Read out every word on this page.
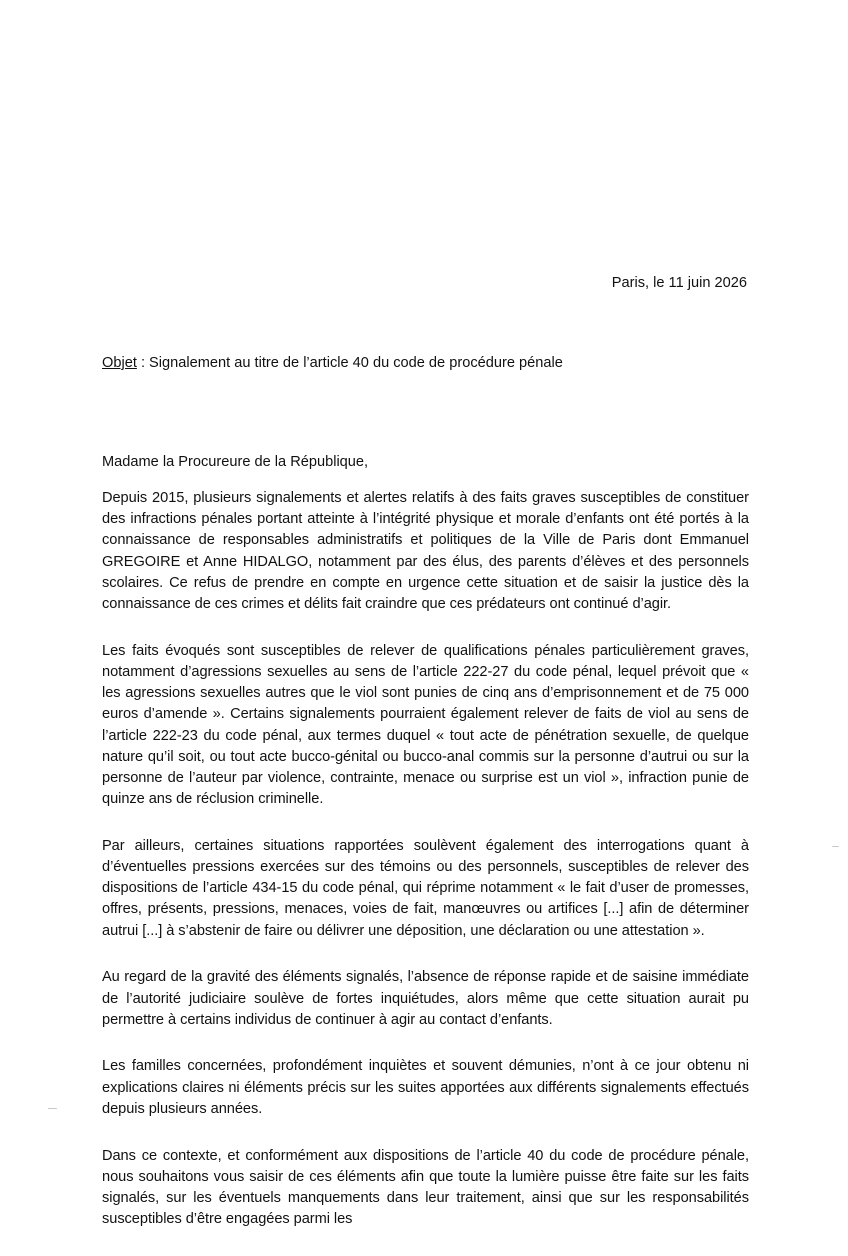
Paris, le 11 juin 2026
Objet : Signalement au titre de l’article 40 du code de procédure pénale
Madame la Procureure de la République,

Depuis 2015, plusieurs signalements et alertes relatifs à des faits graves susceptibles de constituer des infractions pénales portant atteinte à l’intégrité physique et morale d’enfants ont été portés à la connaissance de responsables administratifs et politiques de la Ville de Paris dont Emmanuel GREGOIRE et Anne HIDALGO, notamment par des élus, des parents d’élèves et des personnels scolaires. Ce refus de prendre en compte en urgence cette situation et de saisir la justice dès la connaissance de ces crimes et délits fait craindre que ces prédateurs ont continué d’agir.

Les faits évoqués sont susceptibles de relever de qualifications pénales particulièrement graves, notamment d’agressions sexuelles au sens de l’article 222-27 du code pénal, lequel prévoit que « les agressions sexuelles autres que le viol sont punies de cinq ans d’emprisonnement et de 75 000 euros d’amende ». Certains signalements pourraient également relever de faits de viol au sens de l’article 222-23 du code pénal, aux termes duquel « tout acte de pénétration sexuelle, de quelque nature qu’il soit, ou tout acte bucco-génital ou bucco-anal commis sur la personne d’autrui ou sur la personne de l’auteur par violence, contrainte, menace ou surprise est un viol », infraction punie de quinze ans de réclusion criminelle.

Par ailleurs, certaines situations rapportées soulèvent également des interrogations quant à d’éventuelles pressions exercées sur des témoins ou des personnels, susceptibles de relever des dispositions de l’article 434-15 du code pénal, qui réprime notamment « le fait d’user de promesses, offres, présents, pressions, menaces, voies de fait, manœuvres ou artifices [...] afin de déterminer autrui [...] à s’abstenir de faire ou délivrer une déposition, une déclaration ou une attestation ».

Au regard de la gravité des éléments signalés, l’absence de réponse rapide et de saisine immédiate de l’autorité judiciaire soulève de fortes inquiétudes, alors même que cette situation aurait pu permettre à certains individus de continuer à agir au contact d’enfants.

Les familles concernées, profondément inquiètes et souvent démunies, n’ont à ce jour obtenu ni explications claires ni éléments précis sur les suites apportées aux différents signalements effectués depuis plusieurs années.

Dans ce contexte, et conformément aux dispositions de l’article 40 du code de procédure pénale, nous souhaitons vous saisir de ces éléments afin que toute la lumière puisse être faite sur les faits signalés, sur les éventuels manquements dans leur traitement, ainsi que sur les responsabilités susceptibles d’être engagées parmi les
